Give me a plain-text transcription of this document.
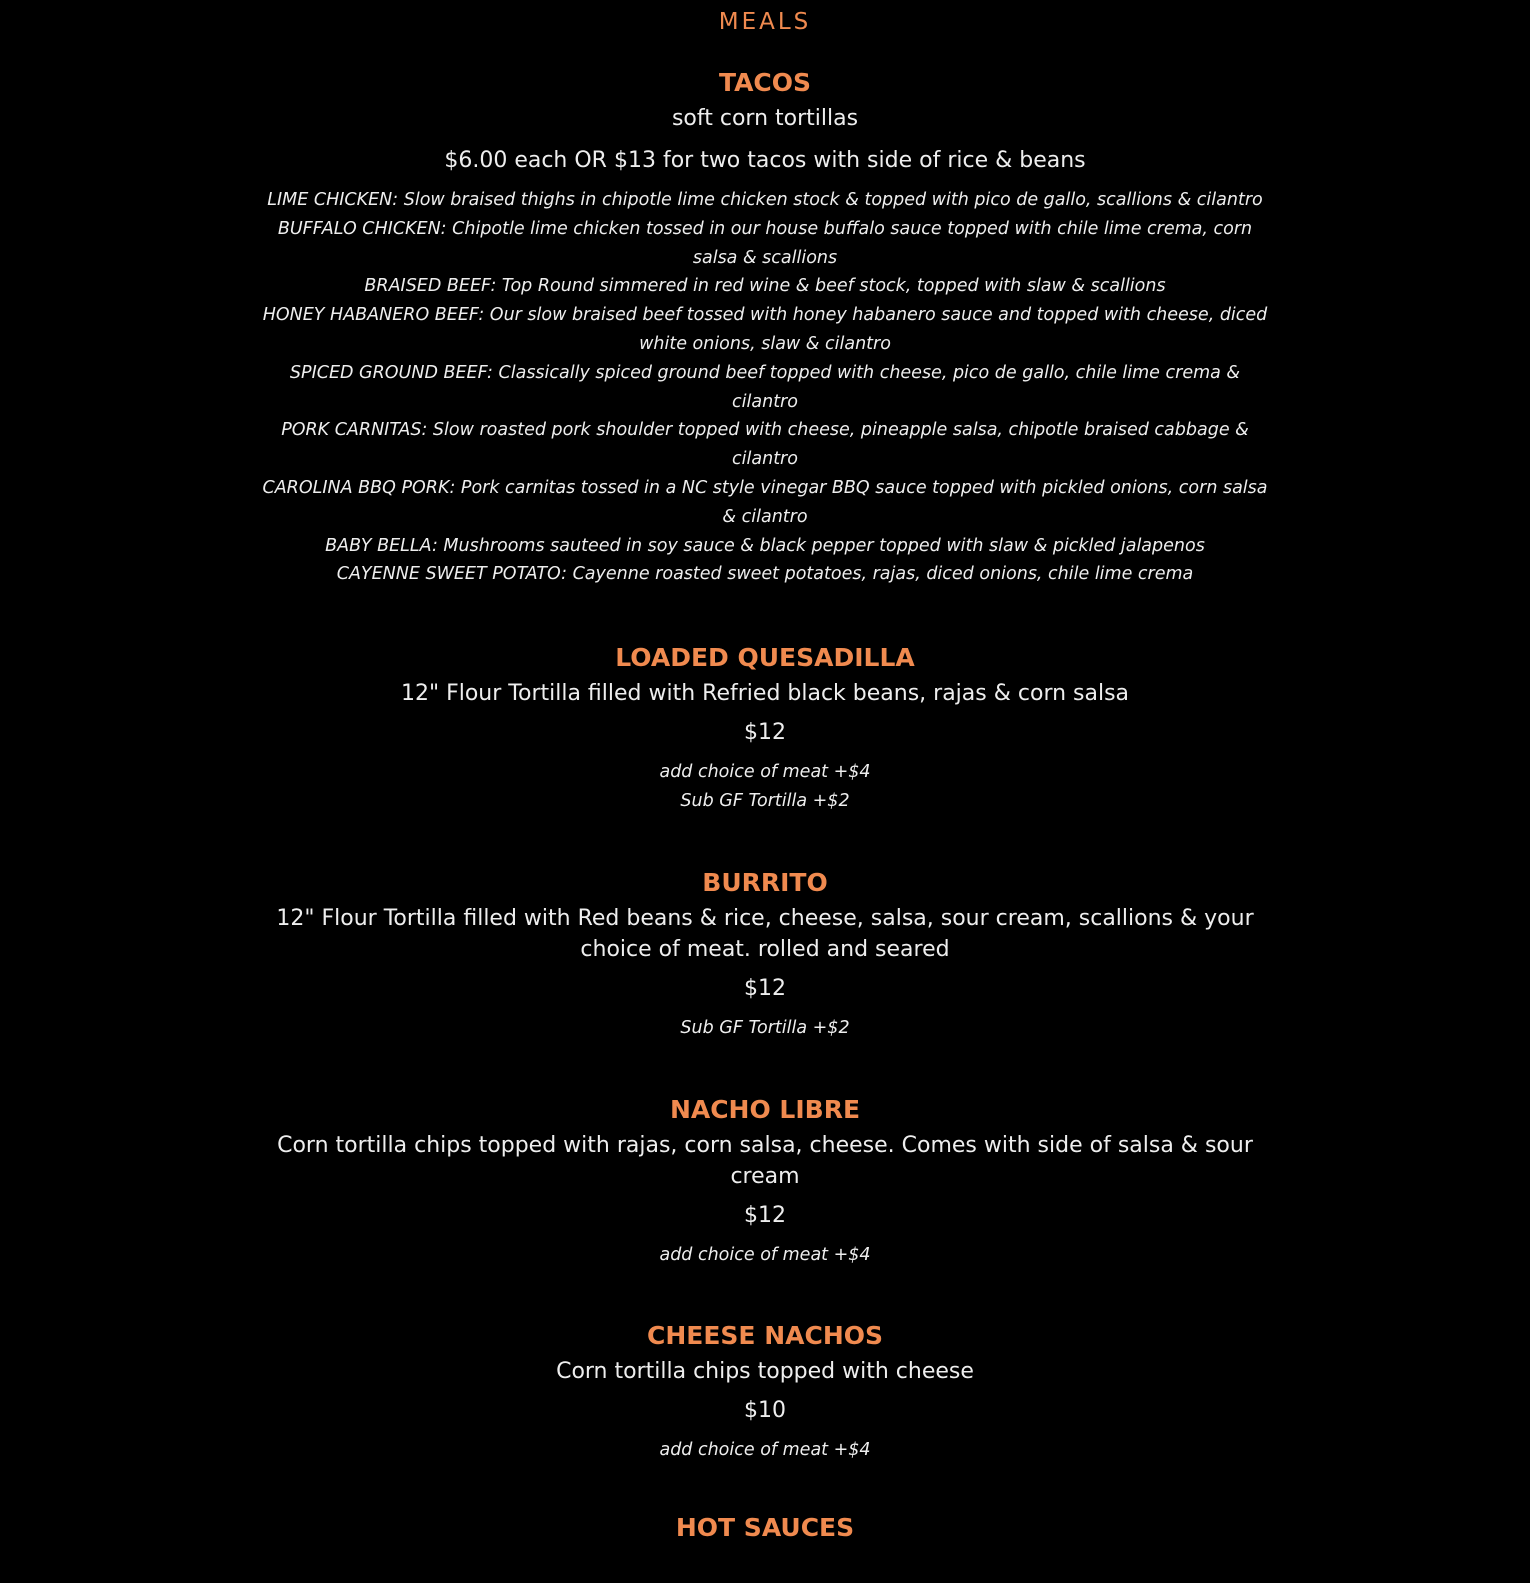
MEALS
TACOS

soft corn tortillas

$6.00 each OR $13 for two tacos with side of rice & beans

LIME CHICKEN: Slow braised thighs in chipotle lime chicken stock & topped with pico de gallo, scallions & cilantro
BUFFALO CHICKEN: Chipotle lime chicken tossed in our house buffalo sauce topped with chile lime crema, corn salsa & scallions
BRAISED BEEF: Top Round simmered in red wine & beef stock, topped with slaw & scallions
HONEY HABANERO BEEF: Our slow braised beef tossed with honey habanero sauce and topped with cheese, diced white onions, slaw & cilantro
SPICED GROUND BEEF: Classically spiced ground beef topped with cheese, pico de gallo, chile lime crema & cilantro
PORK CARNITAS: Slow roasted pork shoulder topped with cheese, pineapple salsa, chipotle braised cabbage & cilantro
CAROLINA BBQ PORK: Pork carnitas tossed in a NC style vinegar BBQ sauce topped with pickled onions, corn salsa & cilantro
BABY BELLA: Mushrooms sauteed in soy sauce & black pepper topped with slaw & pickled jalapenos
CAYENNE SWEET POTATO: Cayenne roasted sweet potatoes, rajas, diced onions, chile lime crema
LOADED QUESADILLA

12" Flour Tortilla filled with Refried black beans, rajas & corn salsa

$12

add choice of meat +$4
Sub GF Tortilla +$2
BURRITO

12" Flour Tortilla filled with Red beans & rice, cheese, salsa, sour cream, scallions & your choice of meat. rolled and seared

$12

Sub GF Tortilla +$2
NACHO LIBRE

Corn tortilla chips topped with rajas, corn salsa, cheese. Comes with side of salsa & sour cream

$12

add choice of meat +$4
CHEESE NACHOS

Corn tortilla chips topped with cheese

$10

add choice of meat +$4
HOT SAUCES
